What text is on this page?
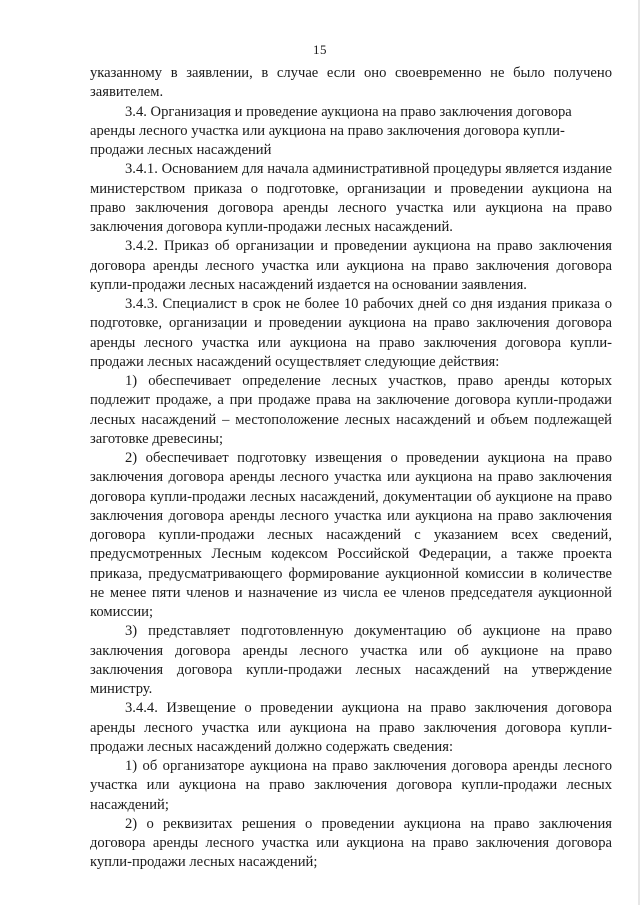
15

указанному в заявлении, в случае если оно своевременно не было получено заявителем.

3.4. Организация и проведение аукциона на право заключения договора аренды лесного участка или аукциона на право заключения договора купли-продажи лесных насаждений

3.4.1. Основанием для начала административной процедуры является издание министерством приказа о подготовке, организации и проведении аукциона на право заключения договора аренды лесного участка или аукциона на право заключения договора купли-продажи лесных насаждений.

3.4.2. Приказ об организации и проведении аукциона на право заключения договора аренды лесного участка или аукциона на право заключения договора купли-продажи лесных насаждений издается на основании заявления.

3.4.3. Специалист в срок не более 10 рабочих дней со дня издания приказа о подготовке, организации и проведении аукциона на право заключения договора аренды лесного участка или аукциона на право заключения договора купли-продажи лесных насаждений осуществляет следующие действия:

1) обеспечивает определение лесных участков, право аренды которых подлежит продаже, а при продаже права на заключение договора купли-продажи лесных насаждений – местоположение лесных насаждений и объем подлежащей заготовке древесины;

2) обеспечивает подготовку извещения о проведении аукциона на право заключения договора аренды лесного участка или аукциона на право заключения договора купли-продажи лесных насаждений, документации об аукционе на право заключения договора аренды лесного участка или аукциона на право заключения договора купли-продажи лесных насаждений с указанием всех сведений, предусмотренных Лесным кодексом Российской Федерации, а также проекта приказа, предусматривающего формирование аукционной комиссии в количестве не менее пяти членов и назначение из числа ее членов председателя аукционной комиссии;

3) представляет подготовленную документацию об аукционе на право заключения договора аренды лесного участка или об аукционе на право заключения договора купли-продажи лесных насаждений на утверждение министру.

3.4.4. Извещение о проведении аукциона на право заключения договора аренды лесного участка или аукциона на право заключения договора купли-продажи лесных насаждений должно содержать сведения:

1) об организаторе аукциона на право заключения договора аренды лесного участка или аукциона на право заключения договора купли-продажи лесных насаждений;

2) о реквизитах решения о проведении аукциона на право заключения договора аренды лесного участка или аукциона на право заключения договора купли-продажи лесных насаждений;
